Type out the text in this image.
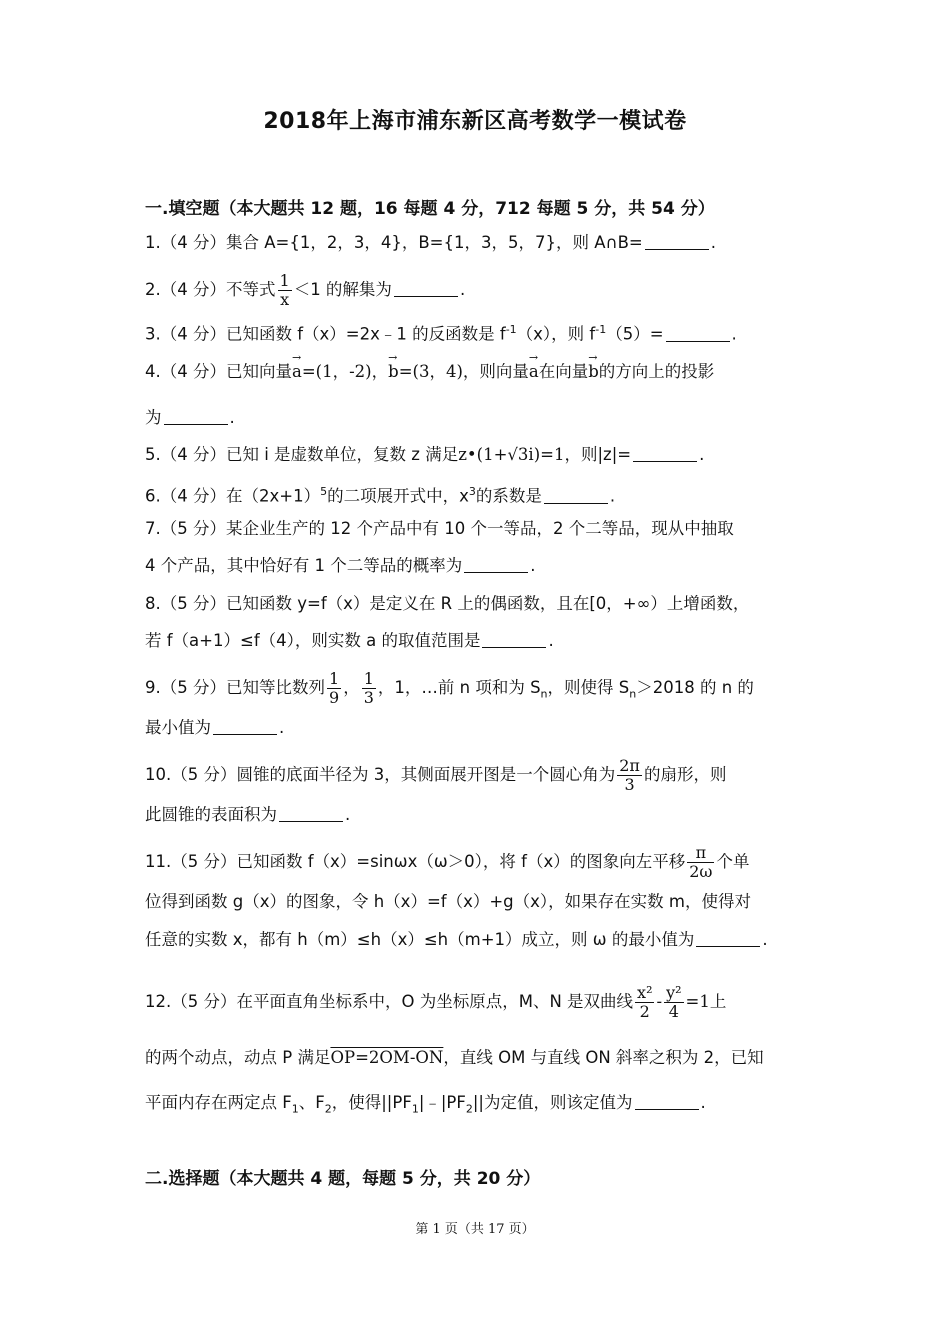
2018年上海市浦东新区高考数学一模试卷
一.填空题（本大题共 12 题，16 每题 4 分，712 每题 5 分，共 54 分）
1.（4 分）集合 A={1，2，3，4}，B={1，3，5，7}，则 A∩B=	.
2.（4 分）不等式 $\frac{1}{x} <1$ 的解集为	.
3.（4 分）已知函数 f（x）=2x﹣1 的反函数是 $f^{-1}(x)$，则 $f^{-1}(5)=$	.
4.（4 分）已知向量→ a=(1，-2)，→ b=(3，4)，则向量→ a在向量→ b的方向上的投影
为	.
5.（4 分）已知 i 是虚数单位，复数 z 满足z•(1+√3i)=1，则|z|=	.
6.（4 分）在$(2x+1)^5$的二项展开式中，$x^3$的系数是	.
7.（5 分）某企业生产的 12 个产品中有 10 个一等品，2 个二等品，现从中抽取
4 个产品，其中恰好有 1 个二等品的概率为	.
8.（5 分）已知函数 y=f（x）是定义在 R 上的偶函数，且在[0，+∞）上增函数，
若 f（a+1）≤f（4），则实数 a 的取值范围是	.
9.（5 分）已知等比数列 $\frac{1}{9}$ ， $\frac{1}{3}$ ，1，…前 n 项和为 $S_n$，则使得 $S_n>2018$ 的 n 的
最小值为	.
10.（5 分）圆锥的底面半径为 3，其侧面展开图是一个圆心角为 $\frac{2\pi}{3}$ 的扇形，则
此圆锥的表面积为	.
11.（5 分）已知函数 f（x）=sinωx（ω＞0），将 f（x）的图象向左平移 $\frac{\pi}{2\omega}$ 个单
位得到函数 g（x）的图象，令 h（x）=f（x）+g（x），如果存在实数 m，使得对
任意的实数 x，都有 h（m）≤h（x）≤h（m+1）成立，则 ω 的最小值为	.
12.（5 分）在平面直角坐标系中，O 为坐标原点，M、N 是双曲线 $\frac{\text{x²}}{2} - \frac{\text{y²}}{4} =1$上
的两个动点，动点 P 满足OP=2OM-ON，直线 OM 与直线 ON 斜率之积为 2，已知
平面内存在两定点 $F_1$、$F_2$，使得$||PF_1|﹣|PF_2||$为定值，则该定值为	.
二.选择题（本大题共 4 题，每题 5 分，共 20 分）
第 1 页（共 17 页）
